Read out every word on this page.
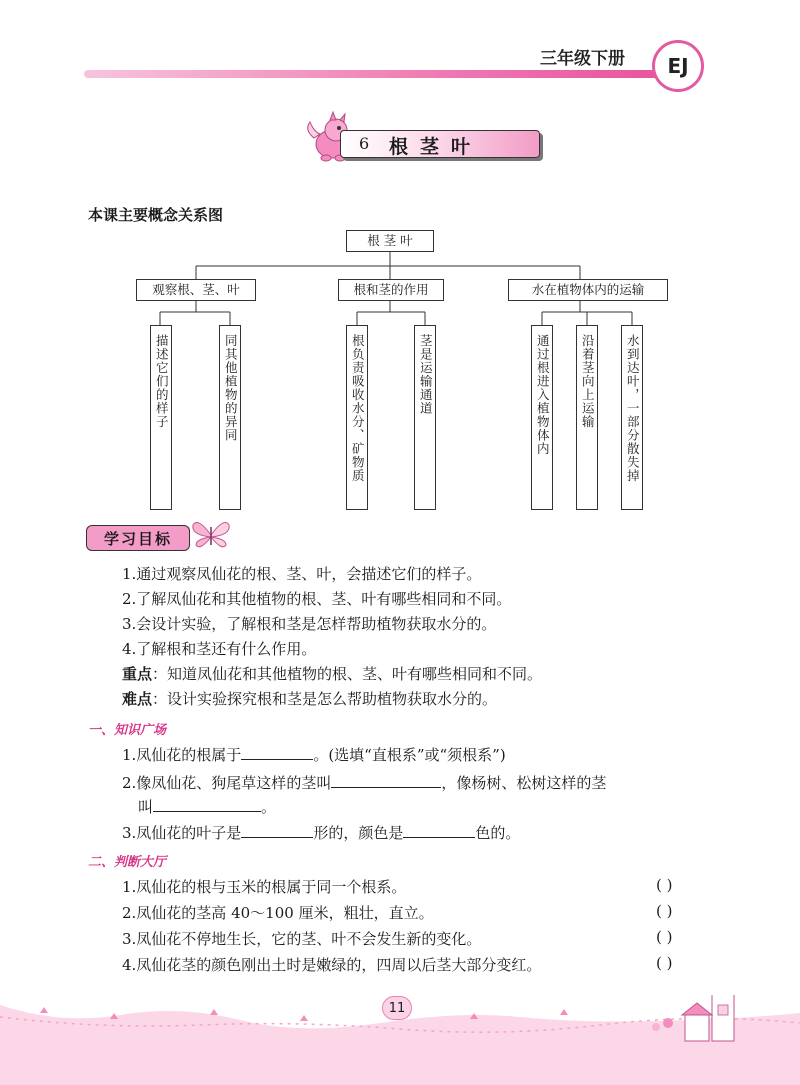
三年级下册	EJ
6 根茎叶
本课主要概念关系图
根 茎 叶
观察根、茎、叶	根和茎的作用	水在植物体内的运输
描述它们的样子	同其他植物的异同	根负责吸收水分、矿物质	茎是运输通道	通过根进入植物体内	沿着茎向上运输	水到达叶，一部分散失掉
学习目标
1.通过观察凤仙花的根、茎、叶，会描述它们的样子。
2.了解凤仙花和其他植物的根、茎、叶有哪些相同和不同。
3.会设计实验，了解根和茎是怎样帮助植物获取水分的。
4.了解根和茎还有什么作用。
重点：知道凤仙花和其他植物的根、茎、叶有哪些相同和不同。
难点：设计实验探究根和茎是怎么帮助植物获取水分的。
一、知识广场
1.凤仙花的根属于	。(选填“直根系”或“须根系”)
2.像凤仙花、狗尾草这样的茎叫	，像杨树、松树这样的茎
叫	。
3.凤仙花的叶子是	形的，颜色是	色的。
二、判断大厅
1.凤仙花的根与玉米的根属于同一个根系。	( )
2.凤仙花的茎高 40～100 厘米，粗壮，直立。	( )
3.凤仙花不停地生长，它的茎、叶不会发生新的变化。	( )
4.凤仙花茎的颜色刚出土时是嫩绿的，四周以后茎大部分变红。	( )
11
